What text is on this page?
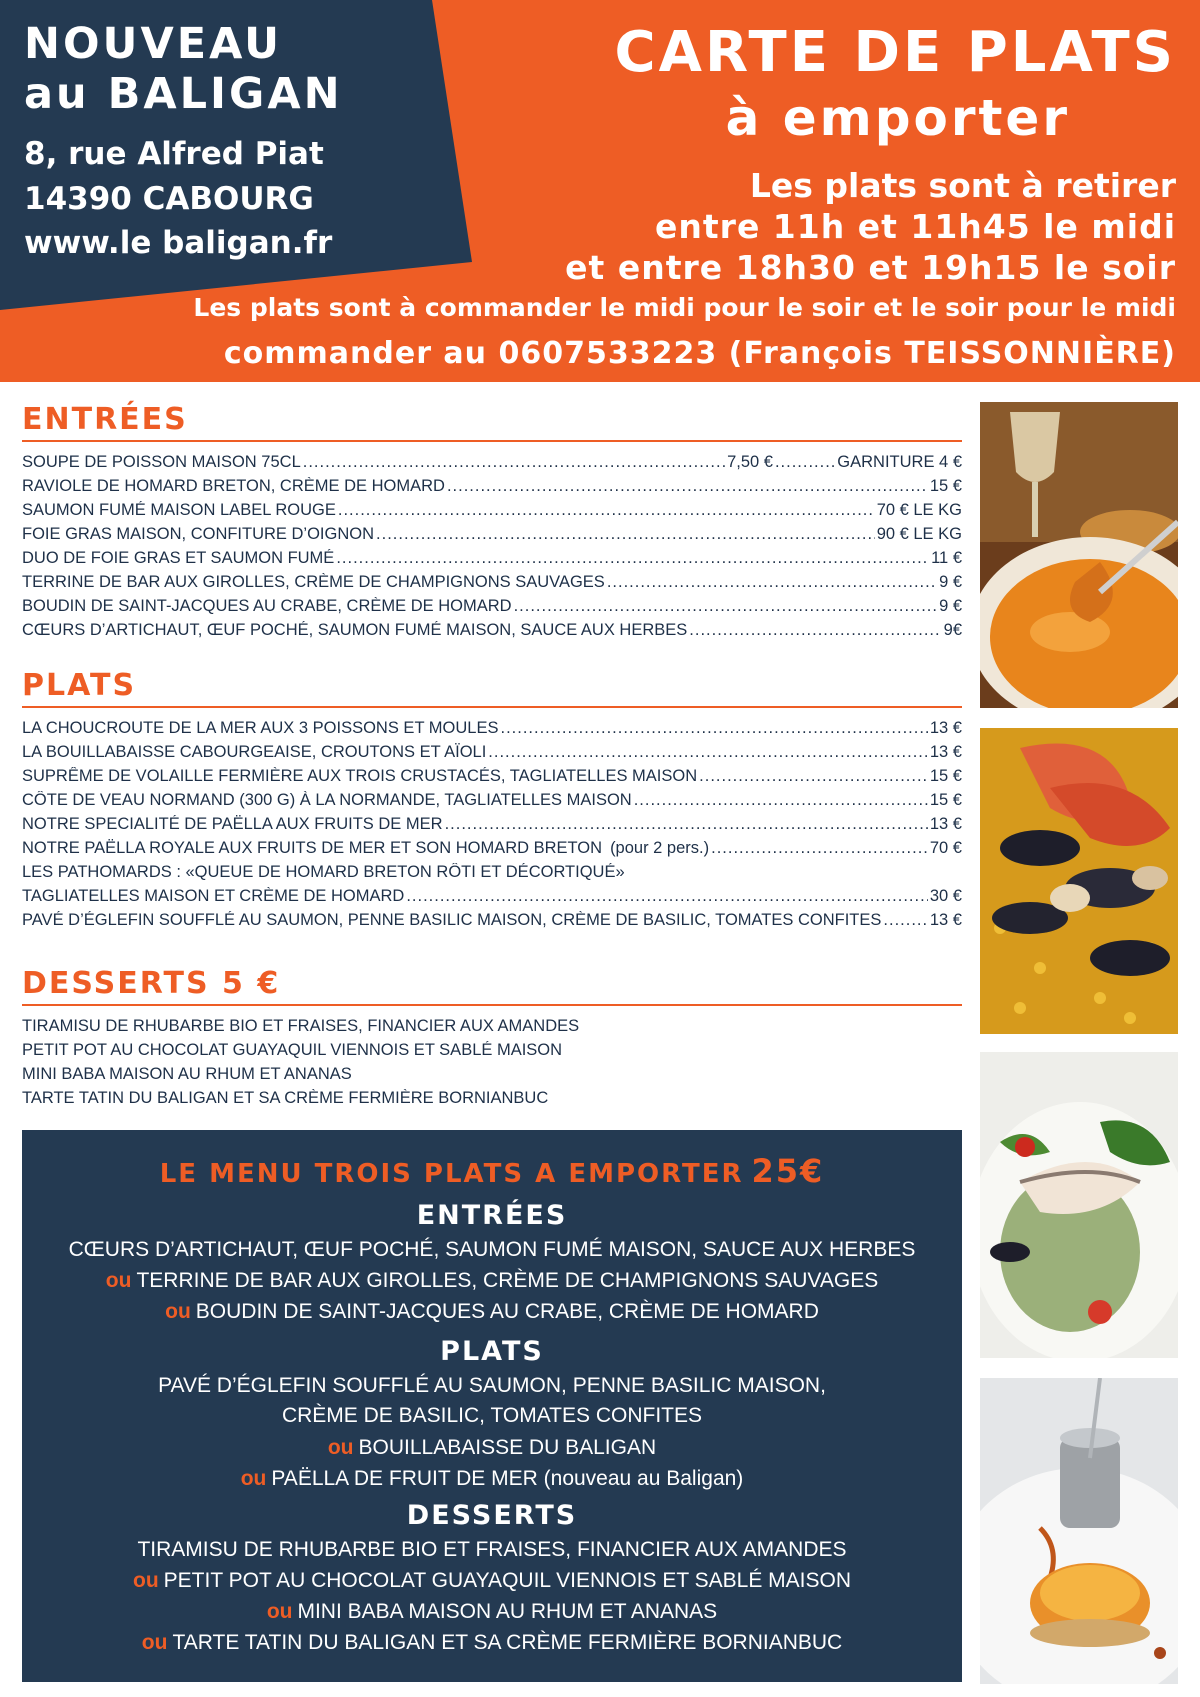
NOUVEAU
au BALIGAN
8, rue Alfred Piat
14390 CABOURG
www.le baligan.fr
CARTE DE PLATS
à emporter
Les plats sont à retirer
entre 11h et 11h45 le midi
et entre 18h30 et 19h15 le soir
Les plats sont à commander le midi pour le soir et le soir pour le midi
commander au 0607533223 (François TEISSONNIÈRE)
ENTRÉES
SOUPE DE POISSON MAISON 75CL .....	7,50 € .....	GARNITURE 4 €
RAVIOLE DE HOMARD BRETON, CRÈME DE HOMARD .....	15 €
SAUMON FUMÉ MAISON LABEL ROUGE .....	70 € LE KG
FOIE GRAS MAISON, CONFITURE D’OIGNON .....	90 € LE KG
DUO DE FOIE GRAS ET SAUMON FUMÉ .....	11 €
TERRINE DE BAR AUX GIROLLES, CRÈME DE CHAMPIGNONS SAUVAGES .....	9 €
BOUDIN DE SAINT-JACQUES AU CRABE, CRÈME DE HOMARD .....	9 €
CŒURS D’ARTICHAUT, ŒUF POCHÉ, SAUMON FUMÉ MAISON, SAUCE AUX HERBES .....	9€
PLATS
LA CHOUCROUTE DE LA MER AUX 3 POISSONS ET MOULES .....	13 €
LA BOUILLABAISSE CABOURGEAISE, CROUTONS ET AÏOLI .....	13 €
SUPRÊME DE VOLAILLE FERMIÈRE AUX TROIS CRUSTACÉS, TAGLIATELLES MAISON .....	15 €
CÔTE DE VEAU NORMAND (300 G) À LA NORMANDE, TAGLIATELLES MAISON .....	15 €
NOTRE SPECIALITÉ DE PAËLLA AUX FRUITS DE MER .....	13 €
NOTRE PAËLLA ROYALE AUX FRUITS DE MER ET SON HOMARD BRETON (pour 2 pers.) .....	70 €
LES PATHOMARDS : «QUEUE DE HOMARD BRETON RÔTI ET DÉCORTIQUÉ»
TAGLIATELLES MAISON ET CRÈME DE HOMARD .....	30 €
PAVÉ D’ÉGLEFIN SOUFFLÉ AU SAUMON, PENNE BASILIC MAISON, CRÈME DE BASILIC, TOMATES CONFITES .....	13 €
DESSERTS 5 €
TIRAMISU DE RHUBARBE BIO ET FRAISES, FINANCIER AUX AMANDES
PETIT POT AU CHOCOLAT GUAYAQUIL VIENNOIS ET SABLÉ MAISON
MINI BABA MAISON AU RHUM ET ANANAS
TARTE TATIN DU BALIGAN ET SA CRÈME FERMIÈRE BORNIANBUC
LE MENU TROIS PLATS A EMPORTER 25€
ENTRÉES
PLATS
PAVÉ D’ÉGLEFIN SOUFFLÉ AU SAUMON, PENNE BASILIC MAISON,
CRÈME DE BASILIC, TOMATES CONFITES
DESSERTS
CŒURS D’ARTICHAUT, ŒUF POCHÉ, SAUMON FUMÉ MAISON, SAUCE AUX HERBES
ou TERRINE DE BAR AUX GIROLLES, CRÈME DE CHAMPIGNONS SAUVAGES
ou BOUDIN DE SAINT-JACQUES AU CRABE, CRÈME DE HOMARD
ou BOUILLABAISSE DU BALIGAN
ou PAËLLA DE FRUIT DE MER (nouveau au Baligan)
TIRAMISU DE RHUBARBE BIO ET FRAISES, FINANCIER AUX AMANDES
ou PETIT POT AU CHOCOLAT GUAYAQUIL VIENNOIS ET SABLÉ MAISON
ou MINI BABA MAISON AU RHUM ET ANANAS
ou TARTE TATIN DU BALIGAN ET SA CRÈME FERMIÈRE BORNIANBUC
